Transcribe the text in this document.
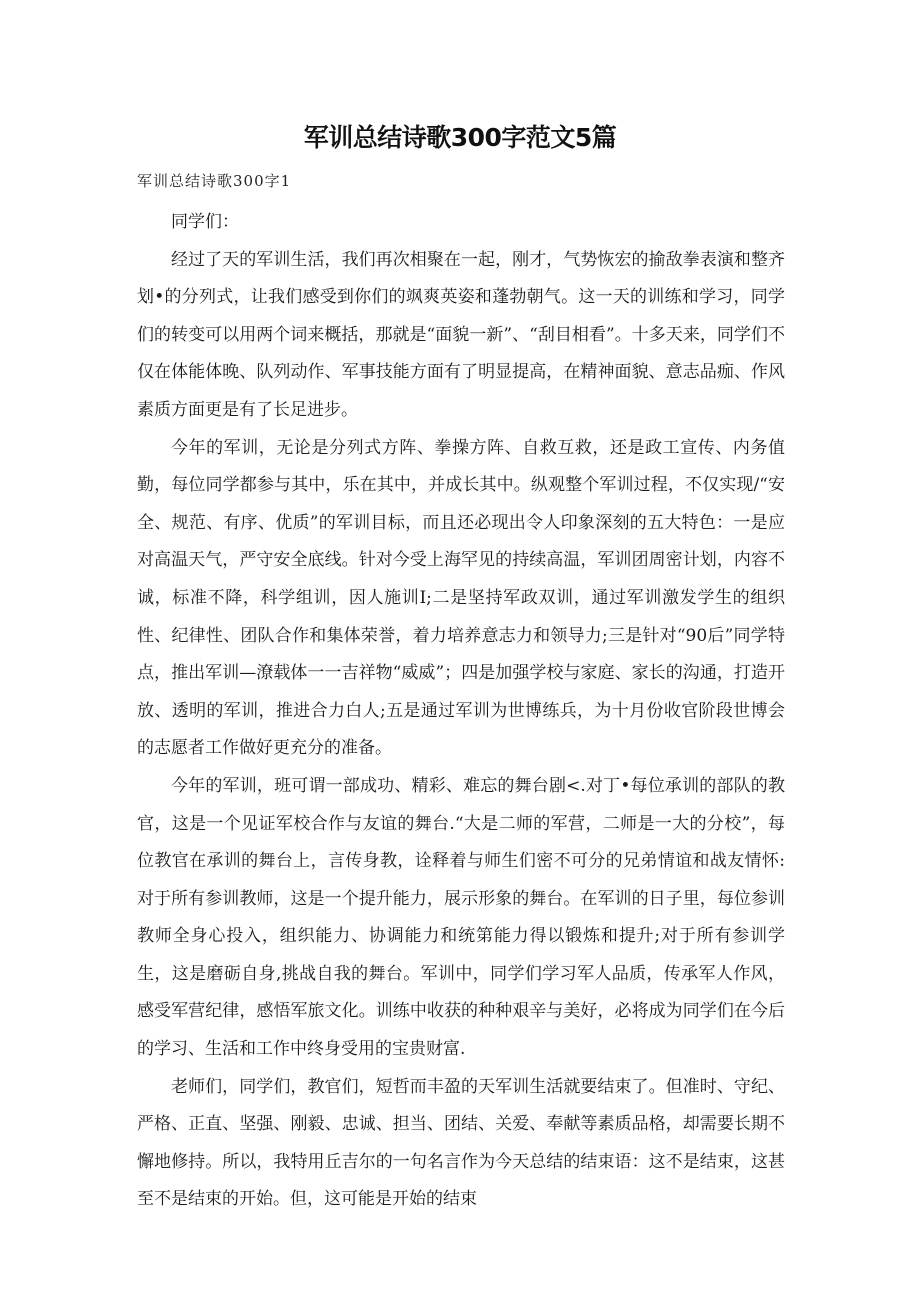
军训总结诗歌300字范文5篇

军训总结诗歌300字1

同学们：

经过了天的军训生活，我们再次相聚在一起，刚才，气势恢宏的揄敌拳表演和整齐划•的分列式，让我们感受到你们的飒爽英姿和蓬勃朝气。这一天的训练和学习，同学们的转变可以用两个词来概括，那就是“面貌一新”、“刮目相看”。十多天来，同学们不仅在体能体晚、队列动作、军事技能方面有了明显提高，在精神面貌、意志品痂、作风素质方面更是有了长足进步。

今年的军训，无论是分列式方阵、拳操方阵、自救互救，还是政工宣传、内务值勤，每位同学都参与其中，乐在其中，并成长其中。纵观整个军训过程，不仅实现/“安全、规范、有序、优质”的军训目标，而且还必现出令人印象深刻的五大特色：一是应对高温天气，严守安全底线。针对今受上海罕见的持续高温，军训团周密计划，内容不诚，标准不降，科学组训，因人施训I;二是坚持军政双训，通过军训激发学生的组织性、纪律性、团队合作和集体荣誉，着力培养意志力和领导力;三是针对“90后”同学特点，推出军训—潦载体一一吉祥物“威威”；四是加强学校与家庭、家长的沟通，打造开放、透明的军训，推进合力白人;五是通过军训为世博练兵，为十月份收官阶段世博会的志愿者工作做好更充分的准备。

今年的军训，班可谓一部成功、精彩、难忘的舞台剧<.对丁•每位承训的部队的教官，这是一个见证军校合作与友谊的舞台.“大是二师的军营，二师是一大的分校”，每位教官在承训的舞台上，言传身教，诠释着与师生们密不可分的兄弟情谊和战友情怀:对于所有参训教师，这是一个提升能力，展示形象的舞台。在军训的日子里，每位参训教师全身心投入，组织能力、协调能力和统第能力得以锻炼和提升;对于所有参训学生，这是磨砺自身,挑战自我的舞台。军训中，同学们学习军人品质，传承军人作风，感受军营纪律，感悟军旅文化。训练中收获的种种艰辛与美好，必将成为同学们在今后的学习、生活和工作中终身受用的宝贵财富.

老师们，同学们，教官们，短哲而丰盈的天军训生活就要结束了。但准时、守纪、严格、正直、坚强、刚毅、忠诚、担当、团结、关爱、奉献等素质品格，却需要长期不懈地修持。所以，我特用丘吉尔的一句名言作为今天总结的结束语：这不是结束，这甚至不是结束的开始。但，这可能是开始的结束
